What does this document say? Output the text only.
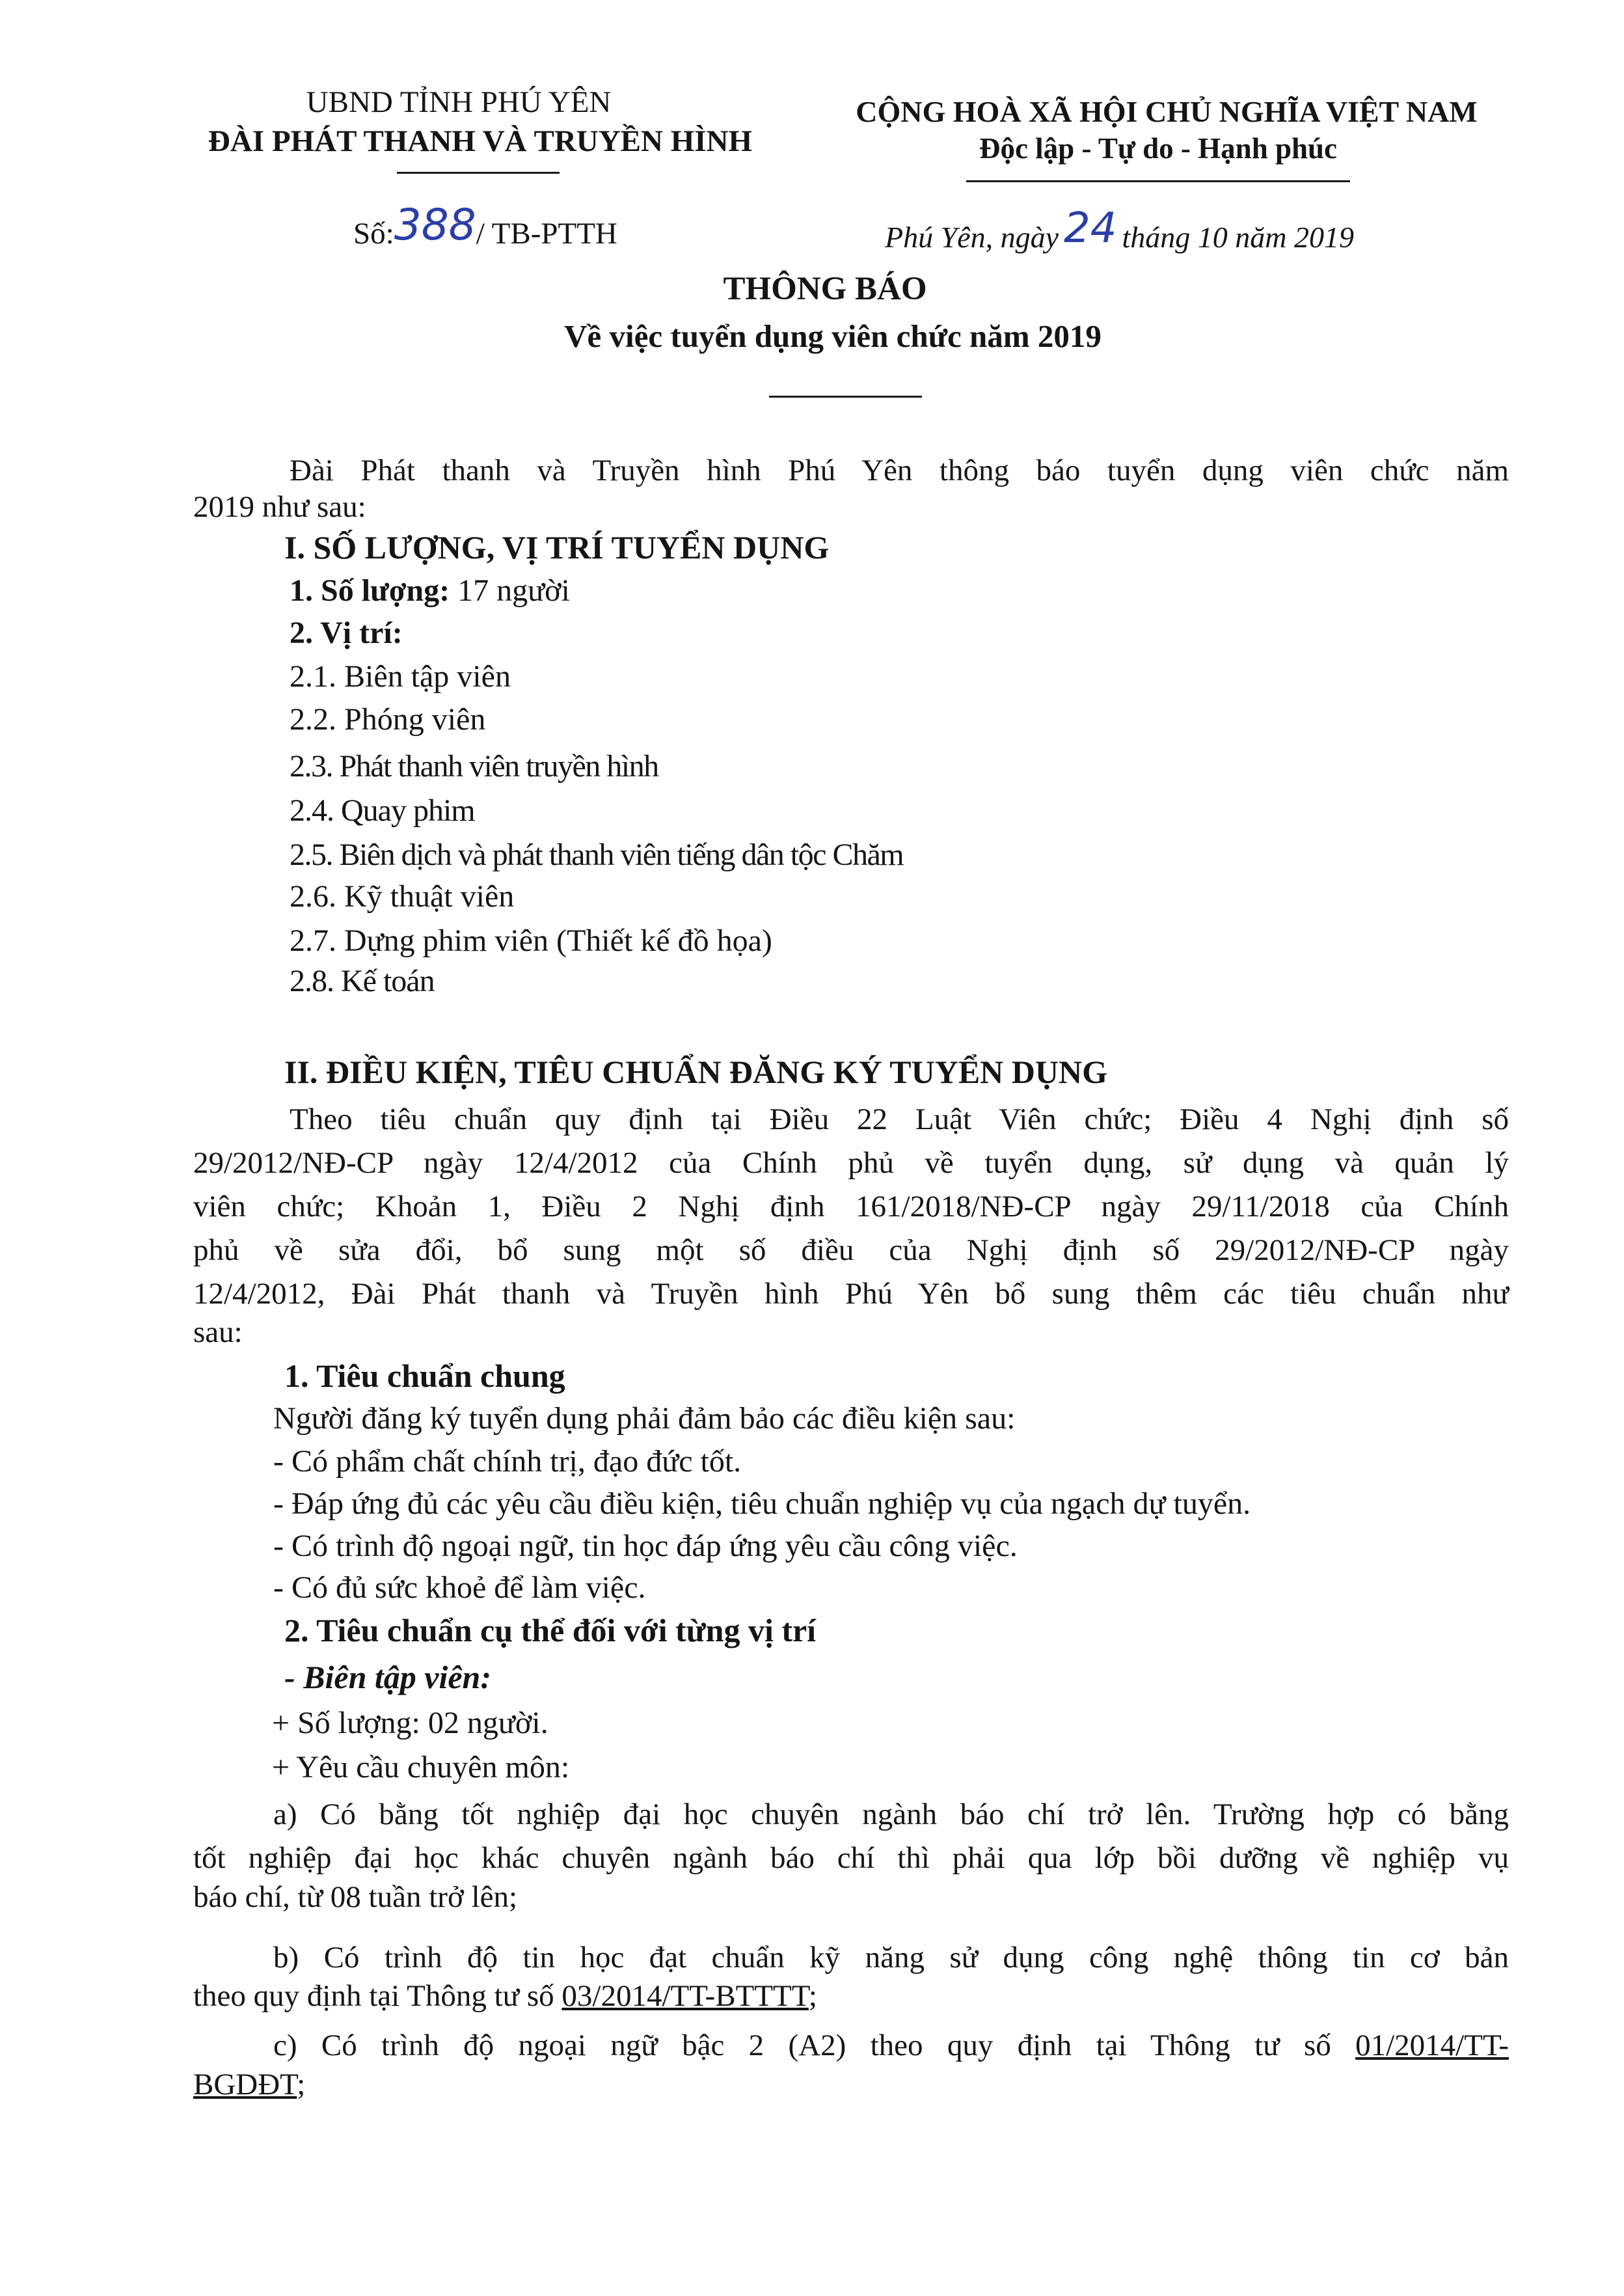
UBND TỈNH PHÚ YÊN
ĐÀI PHÁT THANH VÀ TRUYỀN HÌNH
CỘNG HOÀ XÃ HỘI CHỦ NGHĨA VIỆT NAM
Độc lập - Tự do - Hạnh phúc
Số:388/ TB-PTTH	Phú Yên, ngày 24 tháng 10 năm 2019
THÔNG BÁO
Về việc tuyển dụng viên chức năm 2019
Đài Phát thanh và Truyền hình Phú Yên thông báo tuyển dụng viên chức năm
2019 như sau:
I. SỐ LƯỢNG, VỊ TRÍ TUYỂN DỤNG
1. Số lượng: 17 người
2. Vị trí:
2.1. Biên tập viên
2.2. Phóng viên
2.3. Phát thanh viên truyền hình
2.4. Quay phim
2.5. Biên dịch và phát thanh viên tiếng dân tộc Chăm
2.6. Kỹ thuật viên
2.7. Dựng phim viên (Thiết kế đồ họa)
2.8. Kế toán
II. ĐIỀU KIỆN, TIÊU CHUẨN ĐĂNG KÝ TUYỂN DỤNG
Theo tiêu chuẩn quy định tại Điều 22 Luật Viên chức; Điều 4 Nghị định số
29/2012/NĐ-CP ngày 12/4/2012 của Chính phủ về tuyển dụng, sử dụng và quản lý
viên chức; Khoản 1, Điều 2 Nghị định 161/2018/NĐ-CP ngày 29/11/2018 của Chính
phủ về sửa đổi, bổ sung một số điều của Nghị định số 29/2012/NĐ-CP ngày
12/4/2012, Đài Phát thanh và Truyền hình Phú Yên bổ sung thêm các tiêu chuẩn như
sau:
1. Tiêu chuẩn chung
Người đăng ký tuyển dụng phải đảm bảo các điều kiện sau:
- Có phẩm chất chính trị, đạo đức tốt.
- Đáp ứng đủ các yêu cầu điều kiện, tiêu chuẩn nghiệp vụ của ngạch dự tuyển.
- Có trình độ ngoại ngữ, tin học đáp ứng yêu cầu công việc.
- Có đủ sức khoẻ để làm việc.
2. Tiêu chuẩn cụ thể đối với từng vị trí
- Biên tập viên:
+ Số lượng: 02 người.
+ Yêu cầu chuyên môn:
a) Có bằng tốt nghiệp đại học chuyên ngành báo chí trở lên. Trường hợp có bằng
tốt nghiệp đại học khác chuyên ngành báo chí thì phải qua lớp bồi dưỡng về nghiệp vụ
báo chí, từ 08 tuần trở lên;
b) Có trình độ tin học đạt chuẩn kỹ năng sử dụng công nghệ thông tin cơ bản
theo quy định tại Thông tư số 03/2014/TT-BTTTT;
c) Có trình độ ngoại ngữ bậc 2 (A2) theo quy định tại Thông tư số 01/2014/TT-
BGDĐT;
